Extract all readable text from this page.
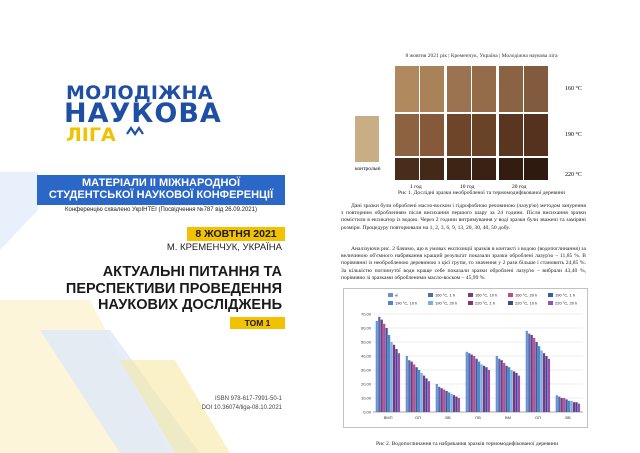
МОЛОДІЖНА
НАУКОВА
ЛІГА
МАТЕРІАЛИ ІІ МІЖНАРОДНОЇ
СТУДЕНТСЬКОЇ НАУКОВОЇ КОНФЕРЕНЦІЇ
Конференцію схвалено УкрІНТЕІ (Посвідчення №787 від 26.09.2021)
8 ЖОВТНЯ 2021
М. КРЕМЕНЧУК, УКРАЇНА
АКТУАЛЬНІ ПИТАННЯ ТА
ПЕРСПЕКТИВИ ПРОВЕДЕННЯ
НАУКОВИХ ДОСЛІДЖЕНЬ
ТОМ 1
ISBN 978-617-7991-50-1
DOI 10.36074/liga-08.10.2021
8 жовтня 2021 рік | Кременчук, Україна | Молодіжна наукова ліга
160 °C
190 °C
220 °C
контрольні
1 год	10 год	20 год
Рис 1. Дослідні зразки необробленої та термомодифікованої деревини

Дані зразки були оброблені масло-воском і гідрофобною речовиною (лазур'ю) методом занурення з повторним обробленням після висихання першого шару за 24 години. Після висихання зразки помістили в ексикатор із водою. Через 2 години витримування у воді зразки були зважені та заміряні розміри. Процедуру повторювали на 1, 2, 3, 6, 9, 13, 20, 30, 40, 50 добу.

Аналізуючи рис. 2 бачимо, що в умовах експозиції зразків в контакті з водою (водопоглинання) за величиною об'ємного набрякання кращий результат показали зразки оброблені лазур'ю – 11,85 %. В порівнянні із необробленою деревиною з цієї групи, то значення у 2 рази більше і становить 24,85 %. За кількістю поглинутої води краще себе показали зразки оброблені лазур'ю – вибрали 43,40 %, порівняно зі зразками обробленими масло-воском – 45,99 %.

70,00
60,00
50,00
40,00
30,00
20,00
10,00
0,00
ВМП	ОП	ВВ	ПВ	ВМ	ОП	ВВ
ні	160 °C, 1 h	160 °C, 10 h	160 °C, 20 h	190 °C, 1 h
190 °C, 10 h	190 °C, 20 h	220 °C, 1 h	220 °C, 10 h	220 °C, 20 h
Рис 2. Водопоглинання та набрякання зразків термомодифікованої деревини
